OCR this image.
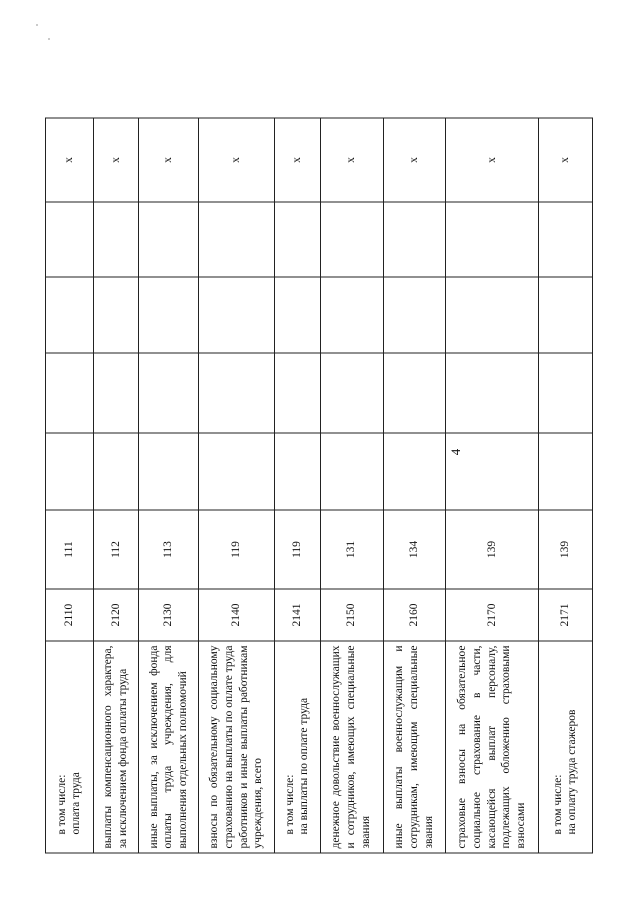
4
в том числе: оплата труда	2110	111					x

выплаты компенсационного характера, за исключением фонда оплаты труда	2120	112					x

иные выплаты, за исключением фонда оплаты труда учреждения, для выполнения отдельных полномочий	2130	113					x

взносы по обязательному социальному страхованию на выплаты по оплате труда работников и иные выплаты работникам учреждения, всего	2140	119					x

в том числе: на выплаты по оплате труда	2141	119					x

денежное довольствие военнослужащих и сотрудников, имеющих специальные звания	2150	131					x

иные выплаты военнослужащим и сотрудникам, имеющим специальные звания	2160	134					x

страховые взносы на обязательное социальное страхование в части, касающейся выплат персоналу, подлежащих обложению страховыми взносами	2170	139					x

в том числе: на оплату труда стажеров	2171	139					x
